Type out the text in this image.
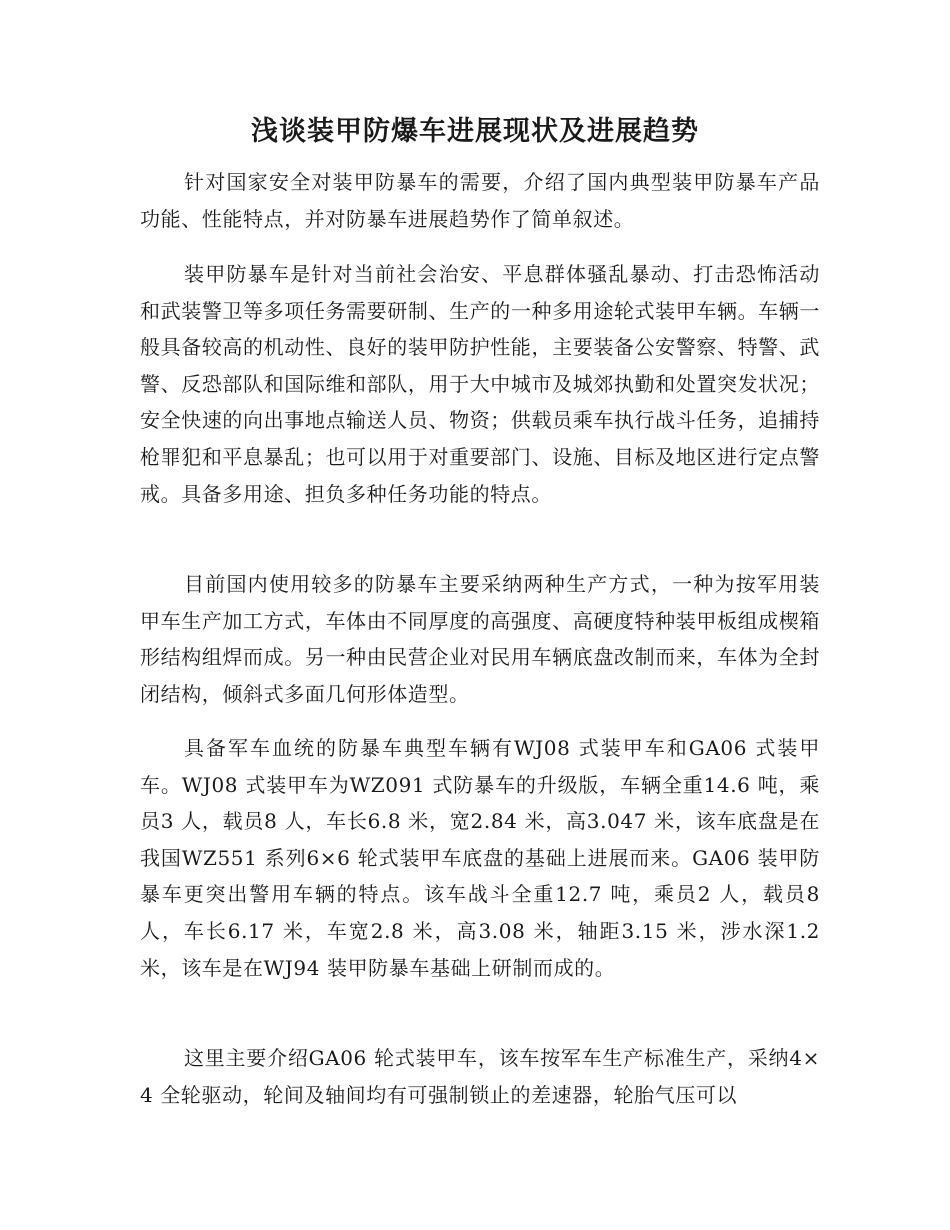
浅谈装甲防爆车进展现状及进展趋势

针对国家安全对装甲防暴车的需要，介绍了国内典型装甲防暴车产品功能、性能特点，并对防暴车进展趋势作了简单叙述。

装甲防暴车是针对当前社会治安、平息群体骚乱暴动、打击恐怖活动和武装警卫等多项任务需要研制、生产的一种多用途轮式装甲车辆。车辆一般具备较高的机动性、良好的装甲防护性能，主要装备公安警察、特警、武警、反恐部队和国际维和部队，用于大中城市及城郊执勤和处置突发状况；安全快速的向出事地点输送人员、物资；供载员乘车执行战斗任务，追捕持枪罪犯和平息暴乱；也可以用于对重要部门、设施、目标及地区进行定点警戒。具备多用途、担负多种任务功能的特点。

目前国内使用较多的防暴车主要采纳两种生产方式，一种为按军用装甲车生产加工方式，车体由不同厚度的高强度、高硬度特种装甲板组成楔箱形结构组焊而成。另一种由民营企业对民用车辆底盘改制而来，车体为全封闭结构，倾斜式多面几何形体造型。

具备军车血统的防暴车典型车辆有WJ08 式装甲车和GA06 式装甲车。WJ08 式装甲车为WZ091 式防暴车的升级版，车辆全重14.6 吨，乘员3 人，载员8 人，车长6.8 米，宽2.84 米，高3.047 米，该车底盘是在我国WZ551 系列6×6 轮式装甲车底盘的基础上进展而来。GA06 装甲防暴车更突出警用车辆的特点。该车战斗全重12.7 吨，乘员2 人，载员8 人，车长6.17 米，车宽2.8 米，高3.08 米，轴距3.15 米，涉水深1.2 米，该车是在WJ94 装甲防暴车基础上研制而成的。

这里主要介绍GA06 轮式装甲车，该车按军车生产标准生产，采纳4×4 全轮驱动，轮间及轴间均有可强制锁止的差速器，轮胎气压可以
